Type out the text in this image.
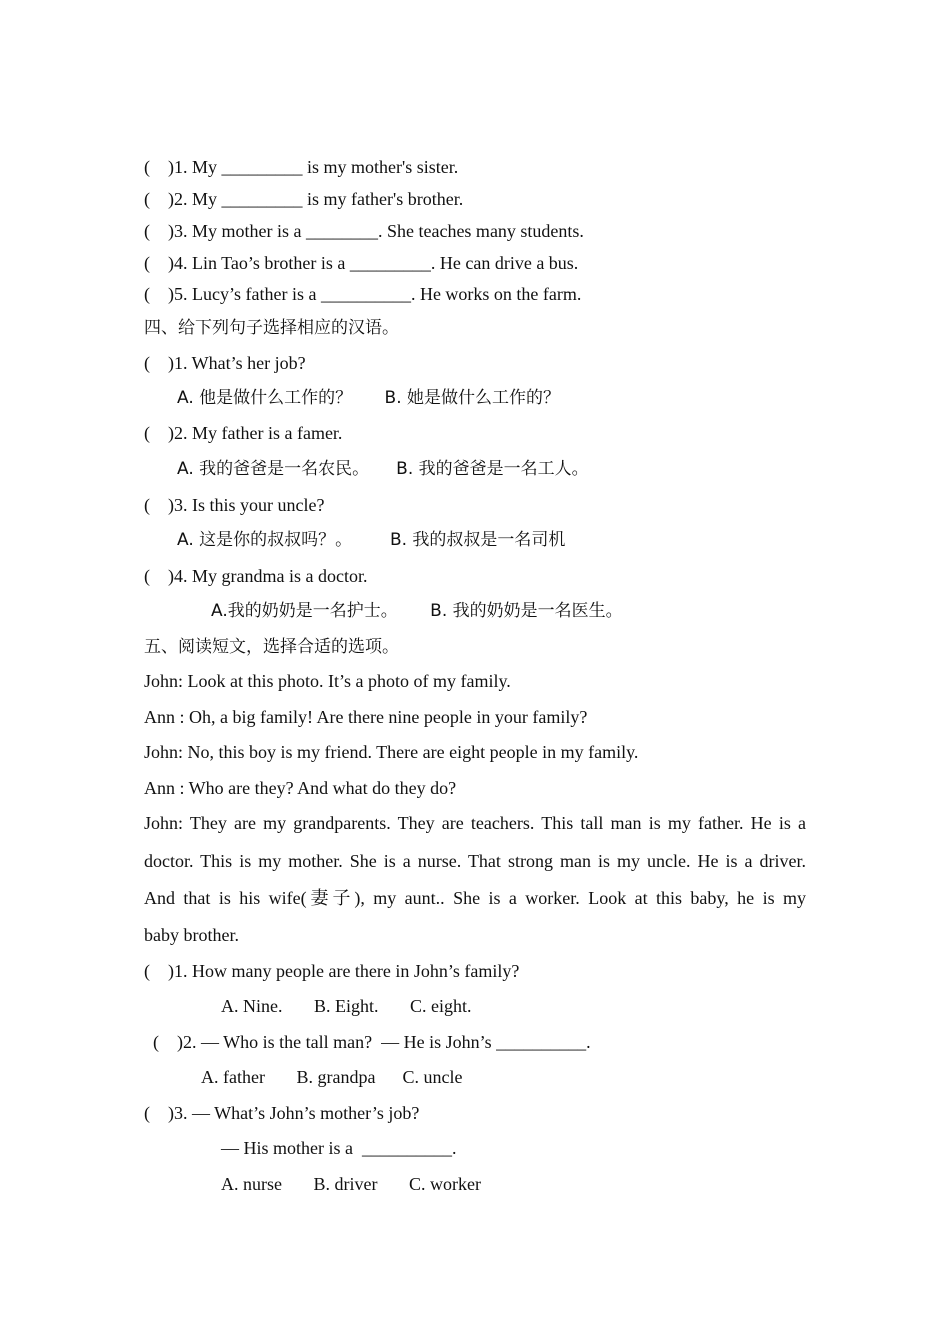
(    )1. My _________ is my mother's sister.
(    )2. My _________ is my father's brother.
(    )3. My mother is a ________. She teaches many students.
(    )4. Lin Tao’s brother is a _________. He can drive a bus.
(    )5. Lucy’s father is a __________. He works on the farm.
四、给下列句子选择相应的汉语。
(    )1. What’s her job?
A. 他是做什么工作的？      B. 她是做什么工作的？
(    )2. My father is a famer.
A. 我的爸爸是一名农民。     B. 我的爸爸是一名工人。
(    )3. Is this your uncle?
A. 这是你的叔叔吗？。       B. 我的叔叔是一名司机
(    )4. My grandma is a doctor.
A.我的奶奶是一名护士。      B. 我的奶奶是一名医生。
五、阅读短文，选择合适的选项。
John: Look at this photo. It’s a photo of my family.
Ann : Oh, a big family! Are there nine people in your family?
John: No, this boy is my friend. There are eight people in my family.
Ann : Who are they? And what do they do?
John: They are my grandparents. They are teachers. This tall man is my father. He is a
doctor. This is my mother. She is a nurse. That strong man is my uncle. He is a driver.
And that is his wife(妻子), my aunt.. She is a worker. Look at this baby, he is my
baby brother.
(    )1. How many people are there in John’s family?
A. Nine.       B. Eight.       C. eight.
(    )2. — Who is the tall man?  — He is John’s __________.
A. father       B. grandpa      C. uncle
(    )3. — What’s John’s mother’s job?
— His mother is a  __________.
A. nurse       B. driver       C. worker
